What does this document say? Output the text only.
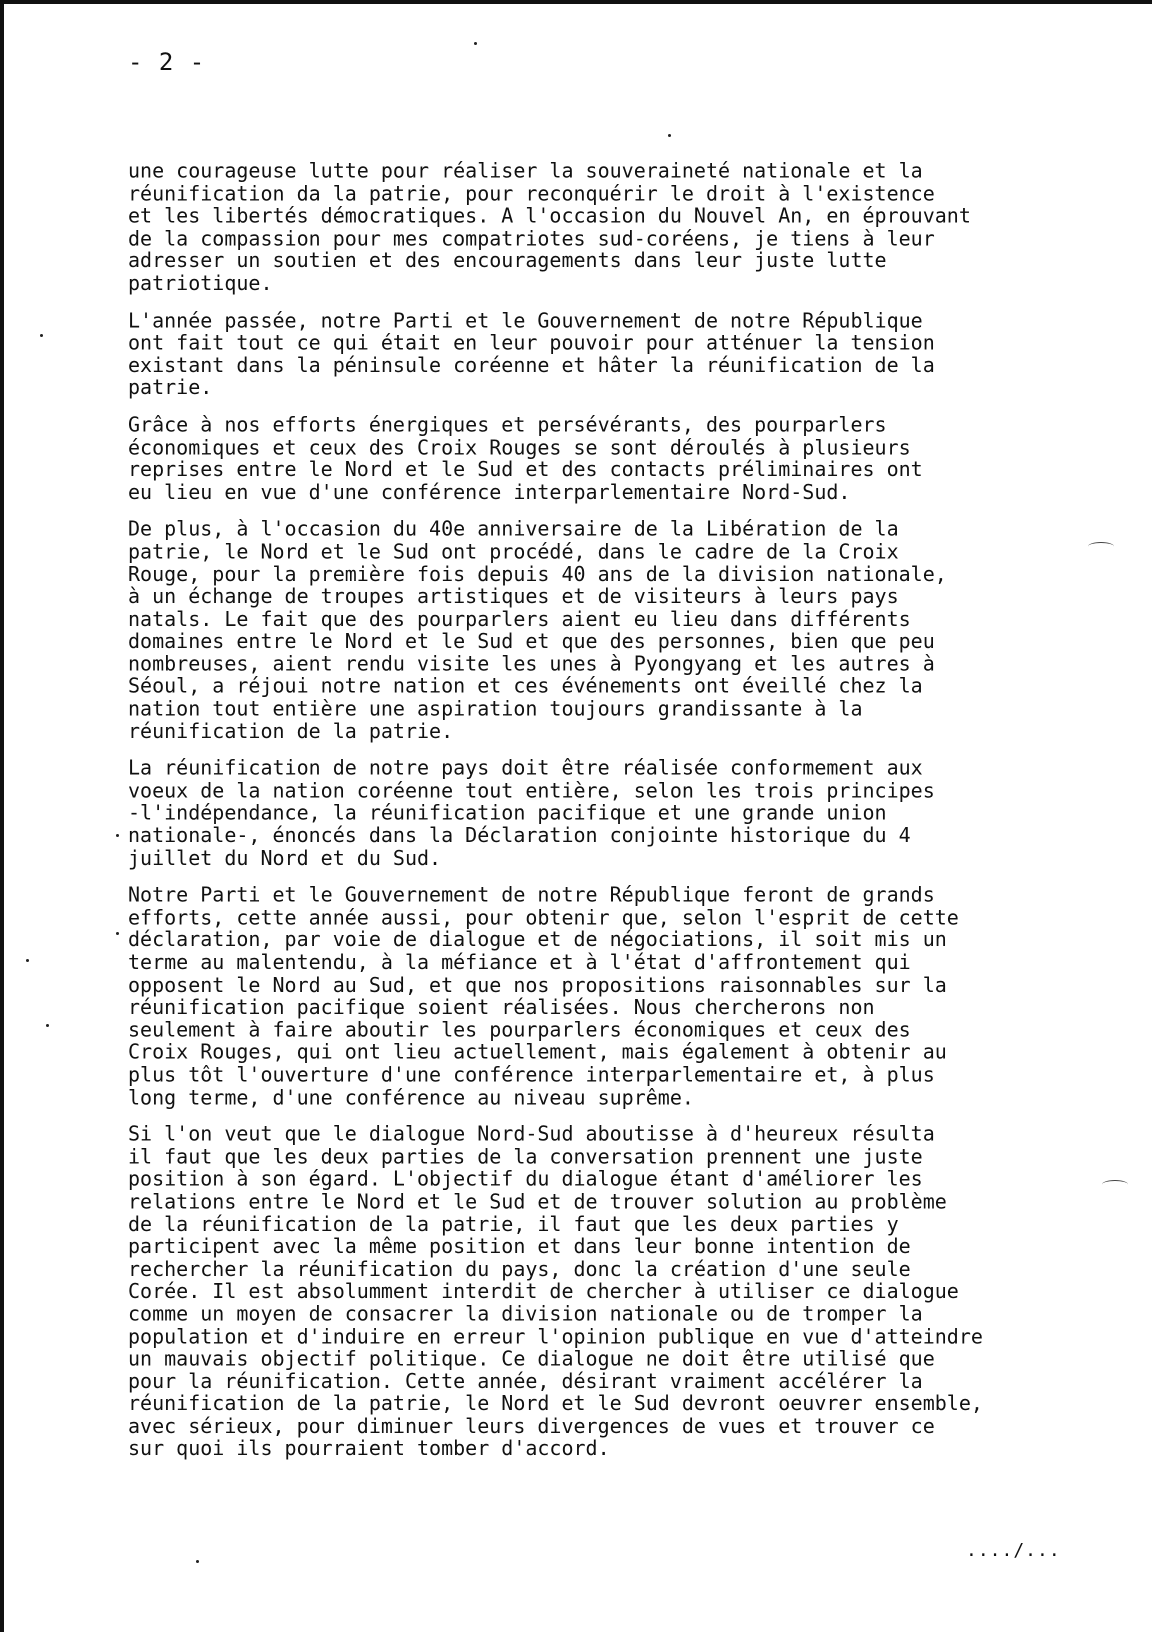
- 2 -

une courageuse lutte pour réaliser la souveraineté nationale et la
réunification da la patrie, pour reconquérir le droit à l'existence
et les libertés démocratiques. A l'occasion du Nouvel An, en éprouvant
de la compassion pour mes compatriotes sud-coréens, je tiens à leur
adresser un soutien et des encouragements dans leur juste lutte
patriotique.

L'année passée, notre Parti et le Gouvernement de notre République
ont fait tout ce qui était en leur pouvoir pour atténuer la tension
existant dans la péninsule coréenne et hâter la réunification de la
patrie.

Grâce à nos efforts énergiques et persévérants, des pourparlers
économiques et ceux des Croix Rouges se sont déroulés à plusieurs
reprises entre le Nord et le Sud et des contacts préliminaires ont
eu lieu en vue d'une conférence interparlementaire Nord-Sud.

De plus, à l'occasion du 40e anniversaire de la Libération de la
patrie, le Nord et le Sud ont procédé, dans le cadre de la Croix
Rouge, pour la première fois depuis 40 ans de la division nationale,
à un échange de troupes artistiques et de visiteurs à leurs pays
natals. Le fait que des pourparlers aient eu lieu dans différents
domaines entre le Nord et le Sud et que des personnes, bien que peu
nombreuses, aient rendu visite les unes à Pyongyang et les autres à
Séoul, a réjoui notre nation et ces événements ont éveillé chez la
nation tout entière une aspiration toujours grandissante à la
réunification de la patrie.

La réunification de notre pays doit être réalisée conformement aux
voeux de la nation coréenne tout entière, selon les trois principes
-l'indépendance, la réunification pacifique et une grande union
nationale-, énoncés dans la Déclaration conjointe historique du 4
juillet du Nord et du Sud.

Notre Parti et le Gouvernement de notre République feront de grands
efforts, cette année aussi, pour obtenir que, selon l'esprit de cette
déclaration, par voie de dialogue et de négociations, il soit mis un
terme au malentendu, à la méfiance et à l'état d'affrontement qui
opposent le Nord au Sud, et que nos propositions raisonnables sur la
réunification pacifique soient réalisées. Nous chercherons non
seulement à faire aboutir les pourparlers économiques et ceux des
Croix Rouges, qui ont lieu actuellement, mais également à obtenir au
plus tôt l'ouverture d'une conférence interparlementaire et, à plus
long terme, d'une conférence au niveau suprême.

Si l'on veut que le dialogue Nord-Sud aboutisse à d'heureux résulta
il faut que les deux parties de la conversation prennent une juste
position à son égard. L'objectif du dialogue étant d'améliorer les
relations entre le Nord et le Sud et de trouver solution au problème
de la réunification de la patrie, il faut que les deux parties y
participent avec la même position et dans leur bonne intention de
rechercher la réunification du pays, donc la création d'une seule
Corée. Il est absolumment interdit de chercher à utiliser ce dialogue
comme un moyen de consacrer la division nationale ou de tromper la
population et d'induire en erreur l'opinion publique en vue d'atteindre
un mauvais objectif politique. Ce dialogue ne doit être utilisé que
pour la réunification. Cette année, désirant vraiment accélérer la
réunification de la patrie, le Nord et le Sud devront oeuvrer ensemble,
avec sérieux, pour diminuer leurs divergences de vues et trouver ce
sur quoi ils pourraient tomber d'accord.

..../...
